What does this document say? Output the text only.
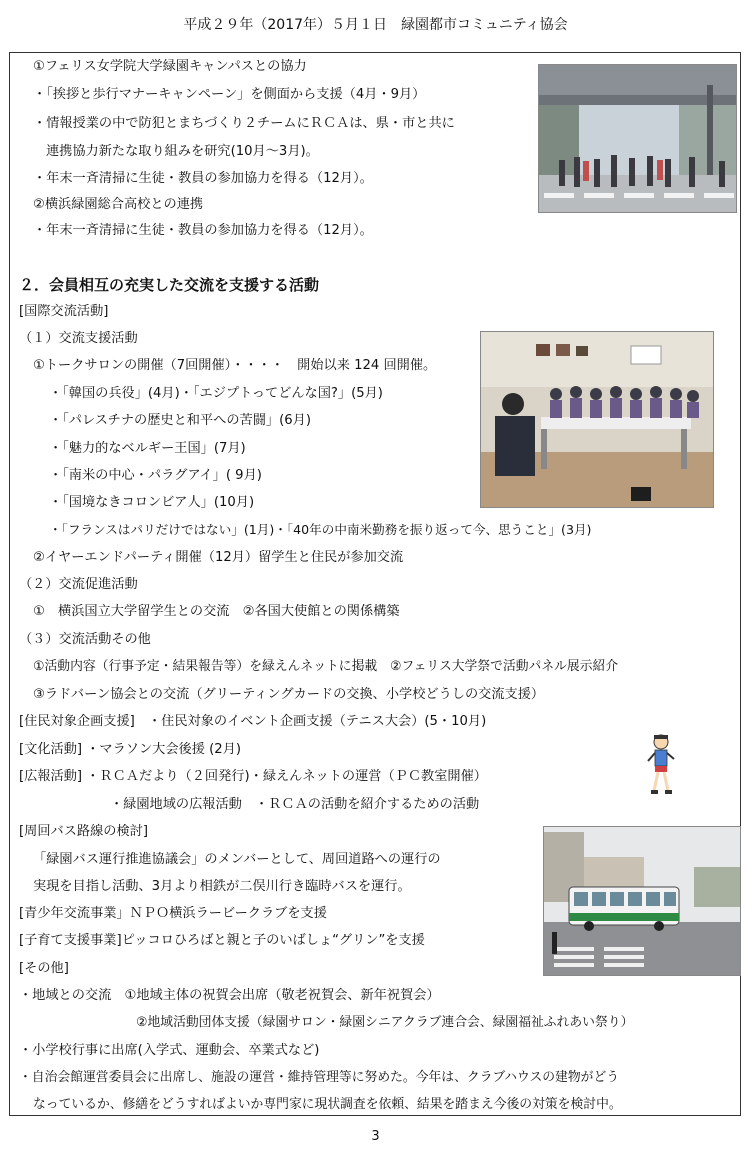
平成２９年（2017年）５月１日　緑園都市コミュニティ協会
①フェリス女学院大学緑園キャンパスとの協力
・「挨拶と歩行マナーキャンペーン」を側面から支援（4月・9月）
・情報授業の中で防犯とまちづくり２チームにＲＣＡは、県・市と共に
連携協力新たな取り組みを研究(10月～3月)。
・年末一斉清掃に生徒・教員の参加協力を得る（12月）。
②横浜緑園総合高校との連携
・年末一斉清掃に生徒・教員の参加協力を得る（12月）。
２．会員相互の充実した交流を支援する活動
[国際交流活動]
（１）交流支援活動
①トークサロンの開催（7回開催）・・・・　開始以来 124 回開催。
・「韓国の兵役」(4月)・「エジプトってどんな国?」(5月)
・「パレスチナの歴史と和平への苦闘」(6月)
・「魅力的なベルギー王国」(7月)
・「南米の中心・パラグアイ」( 9月)
・「国境なきコロンビア人」(10月)
・「フランスはパリだけではない」(1月)・「40年の中南米勤務を振り返って今、思うこと」(3月)
②イヤーエンドパーティ開催（12月）留学生と住民が参加交流
（２）交流促進活動
①　横浜国立大学留学生との交流　②各国大使館との関係構築
（３）交流活動その他
①活動内容（行事予定・結果報告等）を緑えんネットに掲載　②フェリス大学祭で活動パネル展示紹介
③ラドバーン協会との交流（グリーティングカードの交換、小学校どうしの交流支援）
[住民対象企画支援]　・住民対象のイベント企画支援（テニス大会）(5・10月)
[文化活動] ・マラソン大会後援 (2月)
[広報活動] ・ＲＣＡだより（２回発行)・緑えんネットの運営（ＰＣ教室開催）
・緑園地域の広報活動　・ＲＣＡの活動を紹介するための活動
[周回バス路線の検討]
「緑園バス運行推進協議会」のメンバーとして、周回道路への運行の
実現を目指し活動、3月より相鉄が二俣川行き臨時バスを運行。
[青少年交流事業」ＮＰＯ横浜ラービークラブを支援
[子育て支援事業]ピッコロひろばと親と子のいばしょ“グリン”を支援
[その他]
・地域との交流　①地域主体の祝賀会出席（敬老祝賀会、新年祝賀会）
②地域活動団体支援（緑園サロン・緑園シニアクラブ連合会、緑園福祉ふれあい祭り）
・小学校行事に出席(入学式、運動会、卒業式など)
・自治会館運営委員会に出席し、施設の運営・維持管理等に努めた。今年は、クラブハウスの建物がどう
なっているか、修繕をどうすればよいか専門家に現状調査を依頼、結果を踏まえ今後の対策を検討中。
3
